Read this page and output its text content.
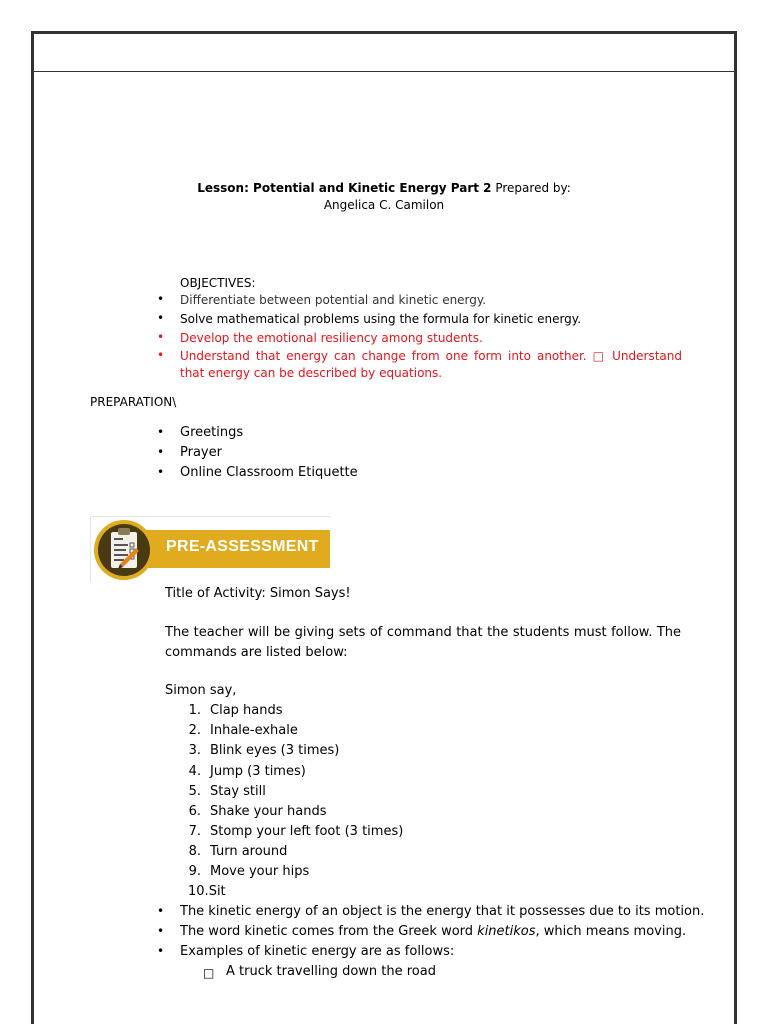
Lesson: Potential and Kinetic Energy Part 2 Prepared by:
Angelica C. Camilon
OBJECTIVES:
• Differentiate between potential and kinetic energy.
• Solve mathematical problems using the formula for kinetic energy.
• Develop the emotional resiliency among students.
• Understand that energy can change from one form into another. □ Understand that energy can be described by equations.
PREPARATION\
• Greetings
• Prayer
• Online Classroom Etiquette
PRE-ASSESSMENT
Title of Activity: Simon Says!
The teacher will be giving sets of command that the students must follow. The commands are listed below:
Simon say,
1. Clap hands
2. Inhale-exhale
3. Blink eyes (3 times)
4. Jump (3 times)
5. Stay still
6. Shake your hands
7. Stomp your left foot (3 times)
8. Turn around
9. Move your hips
10.Sit
• The kinetic energy of an object is the energy that it possesses due to its motion.
• The word kinetic comes from the Greek word kinetikos, which means moving.
• Examples of kinetic energy are as follows:
□ A truck travelling down the road
